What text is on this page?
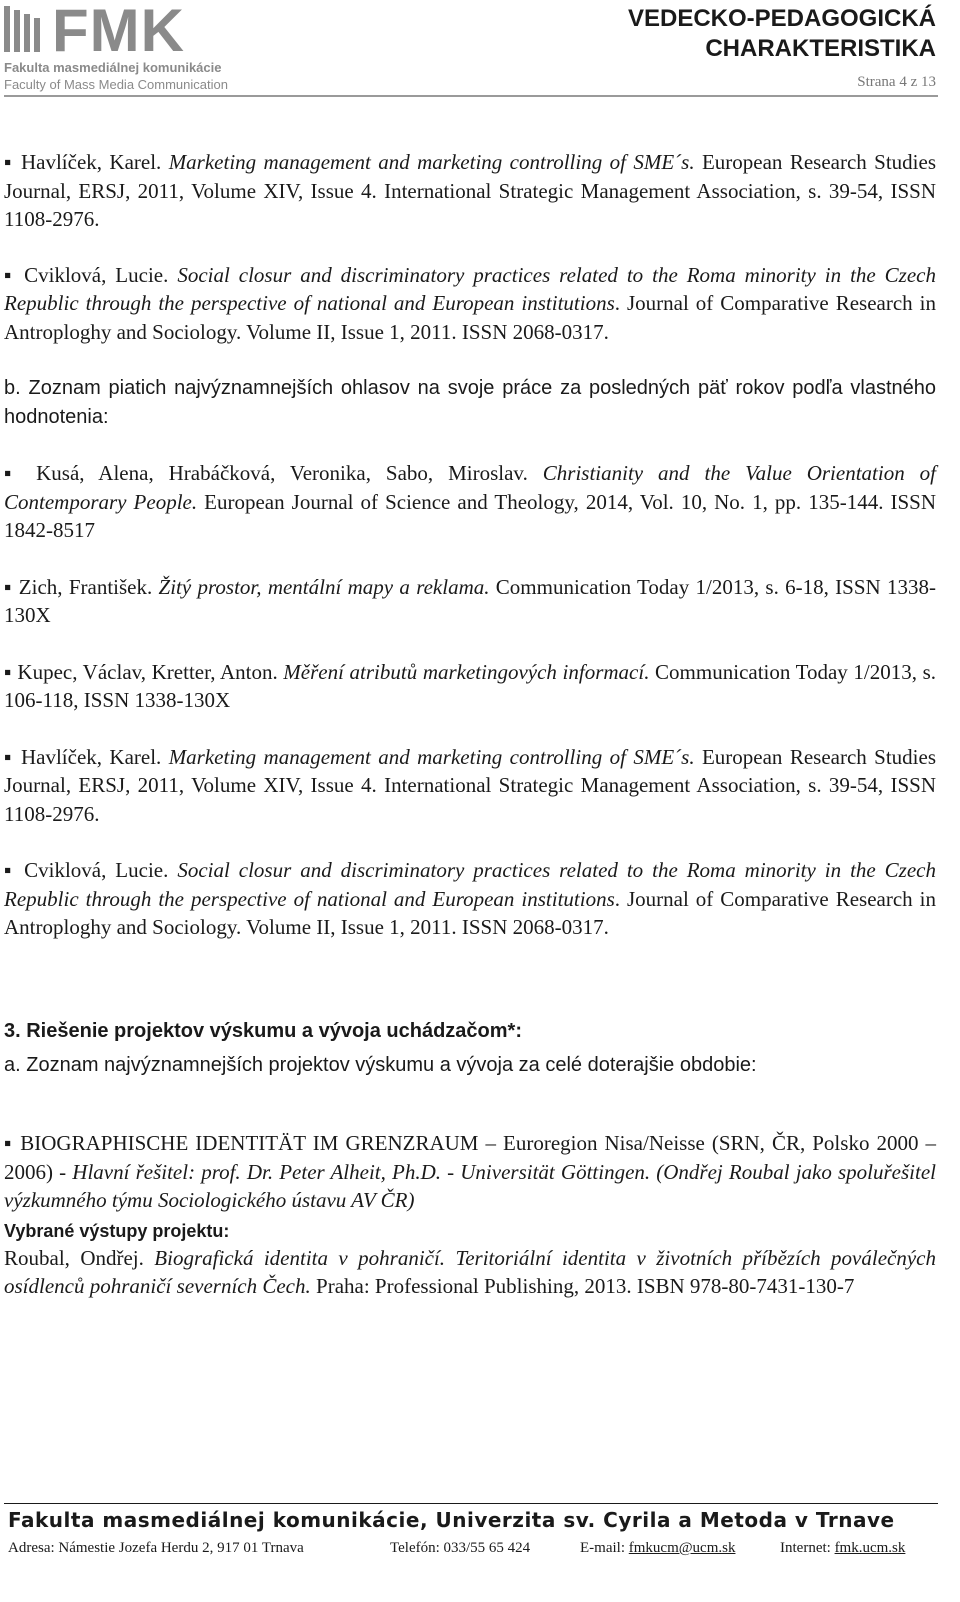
FMK
Fakulta masmediálnej komunikácie
Faculty of Mass Media Communication
VEDECKO-PEDAGOGICKÁ
CHARAKTERISTIKA
Strana 4 z 13

▪ Havlíček, Karel. Marketing management and marketing controlling of SME´s. European Research Studies Journal, ERSJ, 2011, Volume XIV, Issue 4. International Strategic Management Association, s. 39-54, ISSN 1108-2976.

▪ Cviklová, Lucie. Social closur and discriminatory practices related to the Roma minority in the Czech Republic through the perspective of national and European institutions. Journal of Comparative Research in Antroploghy and Sociology. Volume II, Issue 1, 2011. ISSN 2068-0317.

b. Zoznam piatich najvýznamnejších ohlasov na svoje práce za posledných päť rokov podľa vlastného hodnotenia:

▪ Kusá, Alena, Hrabáčková, Veronika, Sabo, Miroslav. Christianity and the Value Orientation of Contemporary People. European Journal of Science and Theology, 2014, Vol. 10, No. 1, pp. 135-144. ISSN 1842-8517

▪ Zich, František. Žitý prostor, mentální mapy a reklama. Communication Today 1/2013, s. 6-18, ISSN 1338-130X

▪ Kupec, Václav, Kretter, Anton. Měření atributů marketingových informací. Communication Today 1/2013, s. 106-118, ISSN 1338-130X

▪ Havlíček, Karel. Marketing management and marketing controlling of SME´s. European Research Studies Journal, ERSJ, 2011, Volume XIV, Issue 4. International Strategic Management Association, s. 39-54, ISSN 1108-2976.

▪ Cviklová, Lucie. Social closur and discriminatory practices related to the Roma minority in the Czech Republic through the perspective of national and European institutions. Journal of Comparative Research in Antroploghy and Sociology. Volume II, Issue 1, 2011. ISSN 2068-0317.

3. Riešenie projektov výskumu a vývoja uchádzačom*:

a. Zoznam najvýznamnejších projektov výskumu a vývoja za celé doterajšie obdobie:

▪ BIOGRAPHISCHE IDENTITÄT IM GRENZRAUM – Euroregion Nisa/Neisse (SRN, ČR, Polsko 2000 – 2006) - Hlavní řešitel: prof. Dr. Peter Alheit, Ph.D. - Universität Göttingen. (Ondřej Roubal jako spoluřešitel výzkumného týmu Sociologického ústavu AV ČR)

Vybrané výstupy projektu:

Roubal, Ondřej. Biografická identita v pohraničí. Teritoriální identita v životních příbězích poválečných osídlenců pohraničí severních Čech. Praha: Professional Publishing, 2013. ISBN 978-80-7431-130-7

Fakulta masmediálnej komunikácie, Univerzita sv. Cyrila a Metoda v Trnave
Adresa: Námestie Jozefa Herdu 2, 917 01 Trnava	Telefón: 033/55 65 424	E-mail: fmkucm@ucm.sk	Internet: fmk.ucm.sk
